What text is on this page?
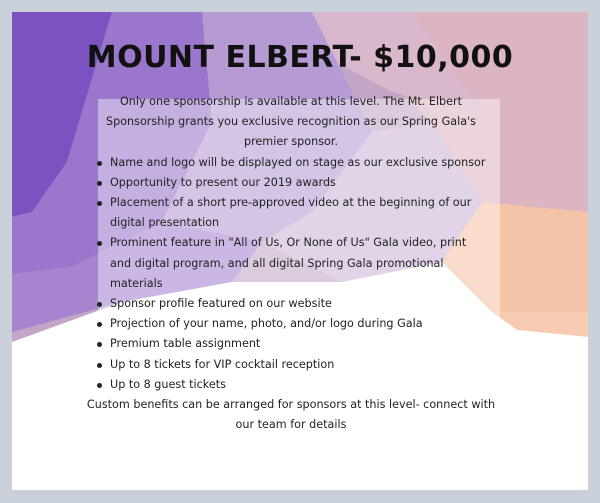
MOUNT ELBERT- $10,000

Only one sponsorship is available at this level. The Mt. Elbert Sponsorship grants you exclusive recognition as our Spring Gala's premier sponsor.

Name and logo will be displayed on stage as our exclusive sponsor
Opportunity to present our 2019 awards
Placement of a short pre-approved video at the beginning of our digital presentation
Prominent feature in "All of Us, Or None of Us" Gala video, print and digital program, and all digital Spring Gala promotional materials
Sponsor profile featured on our website
Projection of your name, photo, and/or logo during Gala
Premium table assignment
Up to 8 tickets for VIP cocktail reception
Up to 8 guest tickets

Custom benefits can be arranged for sponsors at this level- connect with our team for details
